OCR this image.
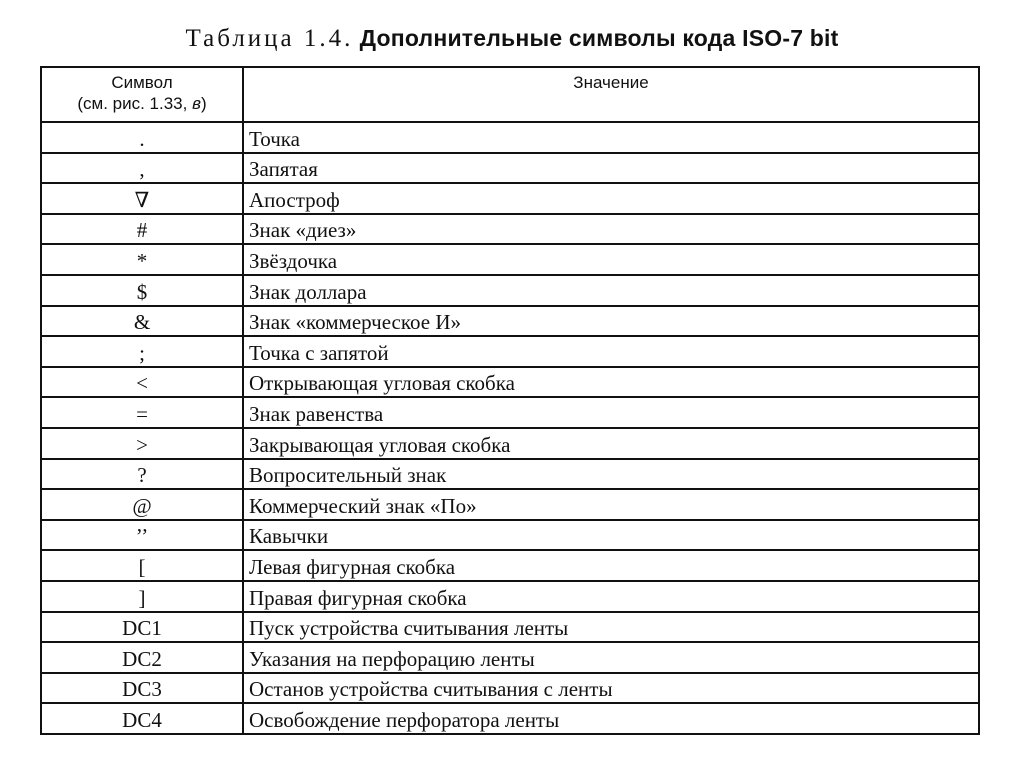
Таблица 1.4. Дополнительные символы кода ISO-7 bit
Символ
(см. рис. 1.33, в)	Значение
.	Точка
,	Запятая
∇	Апостроф
#	Знак «диез»
*	Звёздочка
$	Знак доллара
&	Знак «коммерческое И»
;	Точка с запятой
<	Открывающая угловая скобка
=	Знак равенства
>	Закрывающая угловая скобка
?	Вопросительный знак
@	Коммерческий знак «По»
’’	Кавычки
[	Левая фигурная скобка
]	Правая фигурная скобка
DC1	Пуск устройства считывания ленты
DC2	Указания на перфорацию ленты
DC3	Останов устройства считывания с ленты
DC4	Освобождение перфоратора ленты
